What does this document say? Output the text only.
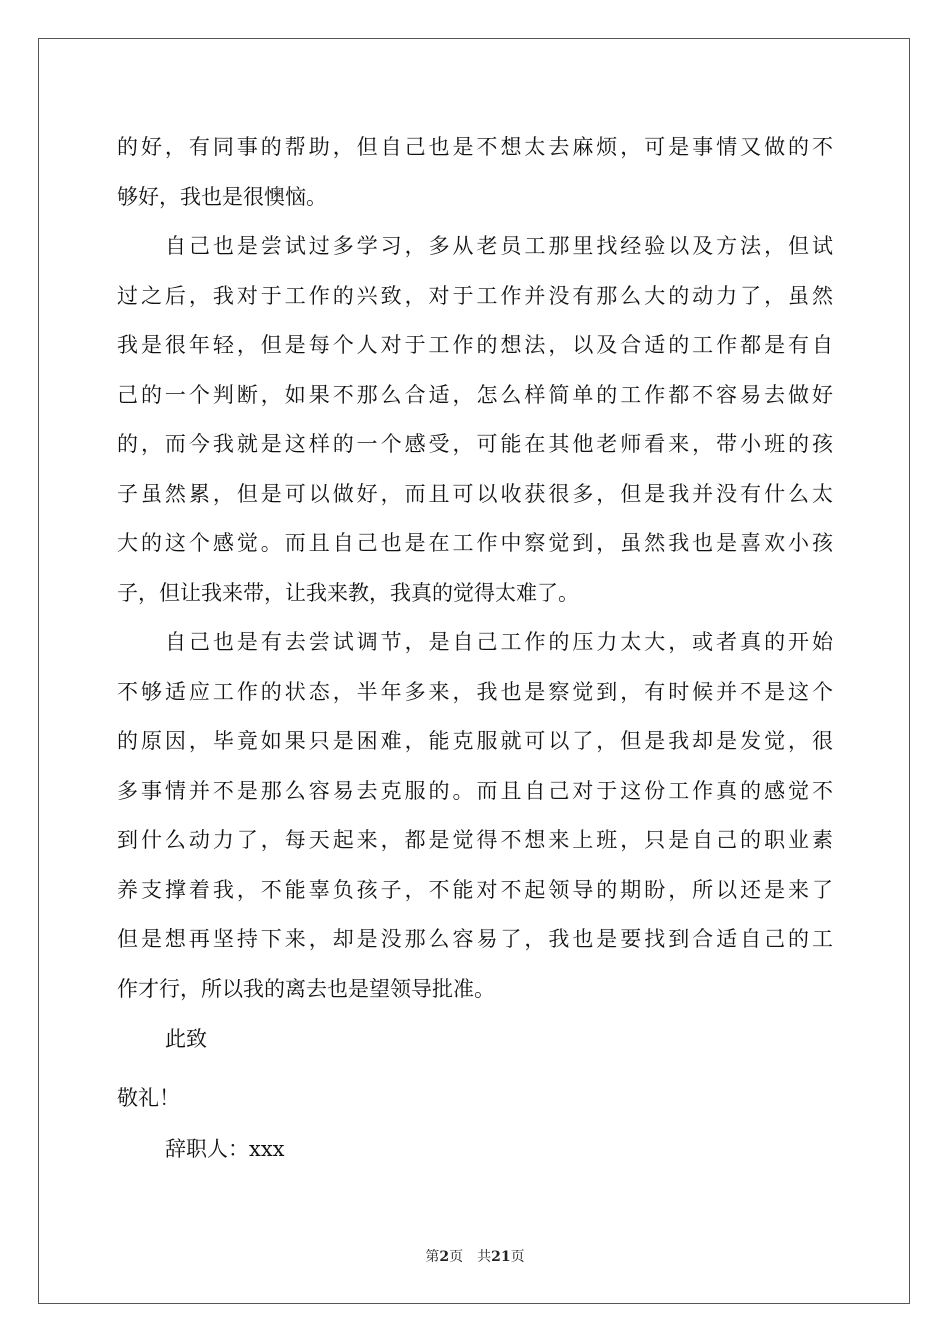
的好，有同事的帮助，但自己也是不想太去麻烦，可是事情又做的不
够好，我也是很懊恼。
自己也是尝试过多学习，多从老员工那里找经验以及方法，但试
过之后，我对于工作的兴致，对于工作并没有那么大的动力了，虽然
我是很年轻，但是每个人对于工作的想法，以及合适的工作都是有自
己的一个判断，如果不那么合适，怎么样简单的工作都不容易去做好
的，而今我就是这样的一个感受，可能在其他老师看来，带小班的孩
子虽然累，但是可以做好，而且可以收获很多，但是我并没有什么太
大的这个感觉。而且自己也是在工作中察觉到，虽然我也是喜欢小孩
子，但让我来带，让我来教，我真的觉得太难了。
自己也是有去尝试调节，是自己工作的压力太大，或者真的开始
不够适应工作的状态，半年多来，我也是察觉到，有时候并不是这个
的原因，毕竟如果只是困难，能克服就可以了，但是我却是发觉，很
多事情并不是那么容易去克服的。而且自己对于这份工作真的感觉不
到什么动力了，每天起来，都是觉得不想来上班，只是自己的职业素
养支撑着我，不能辜负孩子，不能对不起领导的期盼，所以还是来了
但是想再坚持下来，却是没那么容易了，我也是要找到合适自己的工
作才行，所以我的离去也是望领导批准。
此致
敬礼！
辞职人：xxx
第2页　共21页
